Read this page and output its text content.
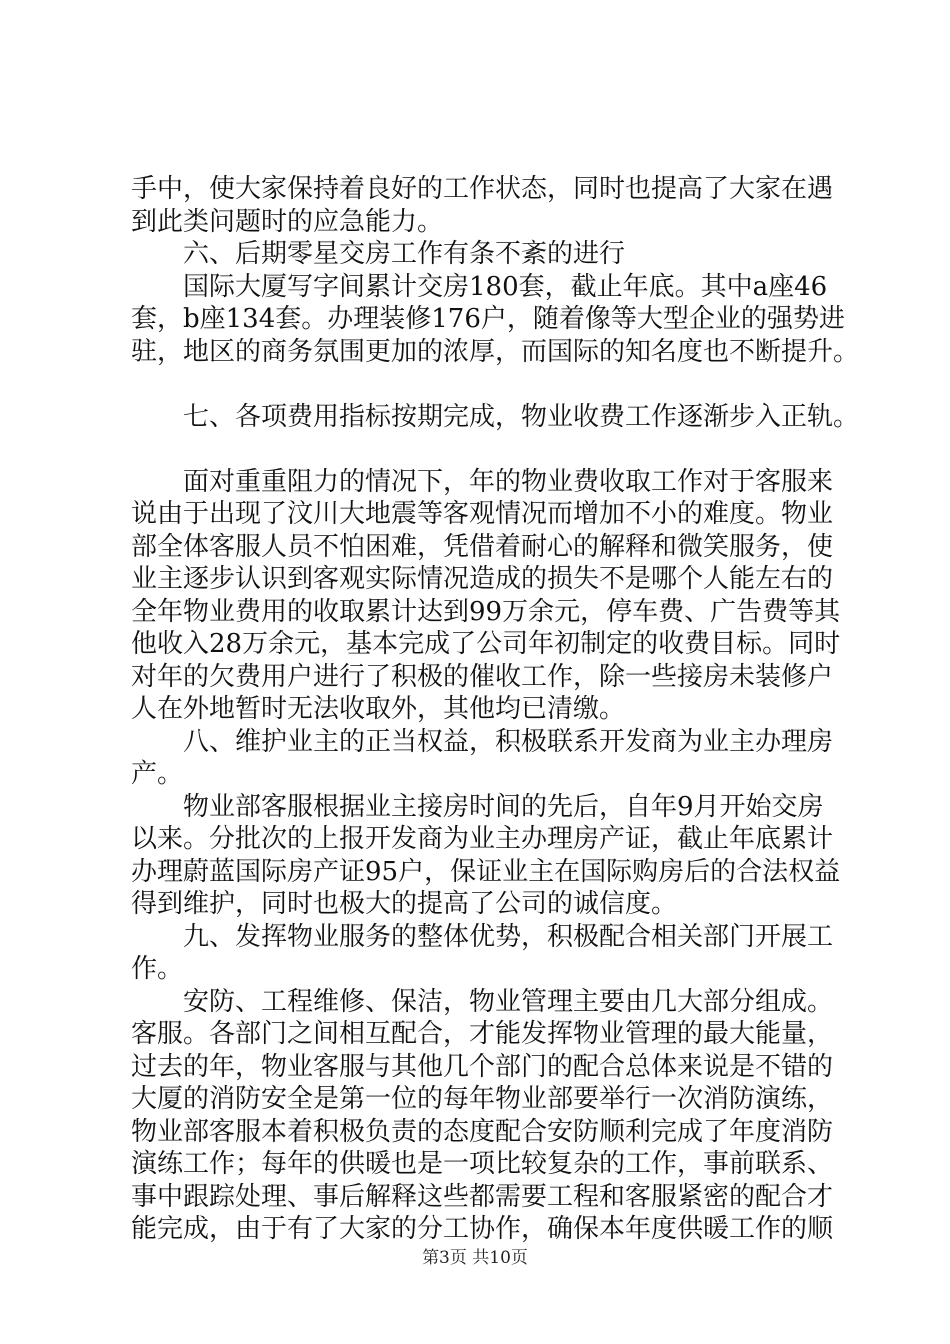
手中，使大家保持着良好的工作状态，同时也提高了大家在遇
到此类问题时的应急能力。
六、后期零星交房工作有条不紊的进行
国际大厦写字间累计交房180套，截止年底。其中a座46
套，b座134套。办理装修176户，随着像等大型企业的强势进
驻，地区的商务氛围更加的浓厚，而国际的知名度也不断提升。
七、各项费用指标按期完成，物业收费工作逐渐步入正轨。
面对重重阻力的情况下，年的物业费收取工作对于客服来
说由于出现了汶川大地震等客观情况而增加不小的难度。物业
部全体客服人员不怕困难，凭借着耐心的解释和微笑服务，使
业主逐步认识到客观实际情况造成的损失不是哪个人能左右的
全年物业费用的收取累计达到99万余元，停车费、广告费等其
他收入28万余元，基本完成了公司年初制定的收费目标。同时
对年的欠费用户进行了积极的催收工作，除一些接房未装修户
人在外地暂时无法收取外，其他均已清缴。
八、维护业主的正当权益，积极联系开发商为业主办理房
产。
物业部客服根据业主接房时间的先后，自年9月开始交房
以来。分批次的上报开发商为业主办理房产证，截止年底累计
办理蔚蓝国际房产证95户，保证业主在国际购房后的合法权益
得到维护，同时也极大的提高了公司的诚信度。
九、发挥物业服务的整体优势，积极配合相关部门开展工
作。
安防、工程维修、保洁，物业管理主要由几大部分组成。
客服。各部门之间相互配合，才能发挥物业管理的最大能量，
过去的年，物业客服与其他几个部门的配合总体来说是不错的
大厦的消防安全是第一位的每年物业部要举行一次消防演练，
物业部客服本着积极负责的态度配合安防顺利完成了年度消防
演练工作；每年的供暖也是一项比较复杂的工作，事前联系、
事中跟踪处理、事后解释这些都需要工程和客服紧密的配合才
能完成，由于有了大家的分工协作，确保本年度供暖工作的顺
第3页 共10页
